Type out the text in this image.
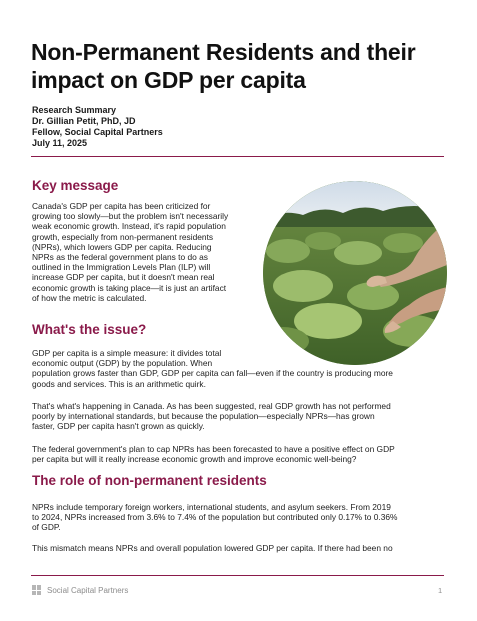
Non-Permanent Residents and their
impact on GDP per capita
Research Summary
Dr. Gillian Petit, PhD, JD
Fellow, Social Capital Partners
July 11, 2025
Key message
Canada's GDP per capita has been criticized for
growing too slowly—but the problem isn't necessarily
weak economic growth. Instead, it's rapid population
growth, especially from non-permanent residents
(NPRs), which lowers GDP per capita. Reducing
NPRs as the federal government plans to do as
outlined in the Immigration Levels Plan (ILP) will
increase GDP per capita, but it doesn't mean real
economic growth is taking place—it is just an artifact
of how the metric is calculated.
What's the issue?
GDP per capita is a simple measure: it divides total
economic output (GDP) by the population. When
population grows faster than GDP, GDP per capita can fall—even if the country is producing more
goods and services. This is an arithmetic quirk.
That's what's happening in Canada. As has been suggested, real GDP growth has not performed
poorly by international standards, but because the population—especially NPRs—has grown
faster, GDP per capita hasn't grown as quickly.
The federal government's plan to cap NPRs has been forecasted to have a positive effect on GDP
per capita but will it really increase economic growth and improve economic well-being?
The role of non-permanent residents
NPRs include temporary foreign workers, international students, and asylum seekers. From 2019
to 2024, NPRs increased from 3.6% to 7.4% of the population but contributed only 0.17% to 0.36%
of GDP.
This mismatch means NPRs and overall population lowered GDP per capita. If there had been no
Social Capital Partners	1
